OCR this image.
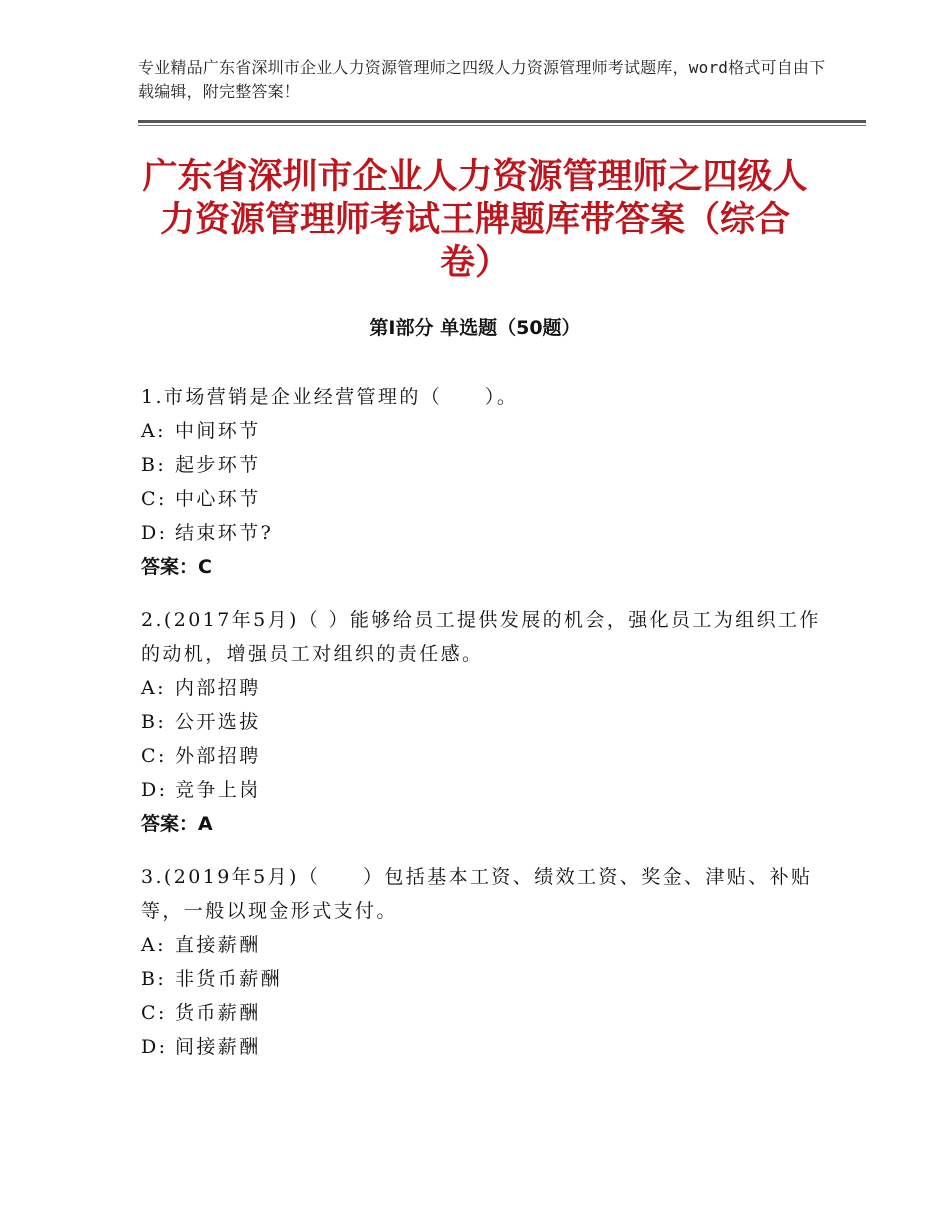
专业精品广东省深圳市企业人力资源管理师之四级人力资源管理师考试题库，word格式可自由下载编辑，附完整答案！
广东省深圳市企业人力资源管理师之四级人力资源管理师考试王牌题库带答案（综合卷）
第Ⅰ部分 单选题（50题）

1.市场营销是企业经营管理的（　　）。

A: 中间环节

B: 起步环节

C: 中心环节

D: 结束环节?

答案：C

2.(2017年5月)（ ）能够给员工提供发展的机会，强化员工为组织工作的动机，增强员工对组织的责任感。

A: 内部招聘

B: 公开选拔

C: 外部招聘

D: 竞争上岗

答案：A

3.(2019年5月)（　　）包括基本工资、绩效工资、奖金、津贴、补贴等，一般以现金形式支付。

A: 直接薪酬

B: 非货币薪酬

C: 货币薪酬

D: 间接薪酬
